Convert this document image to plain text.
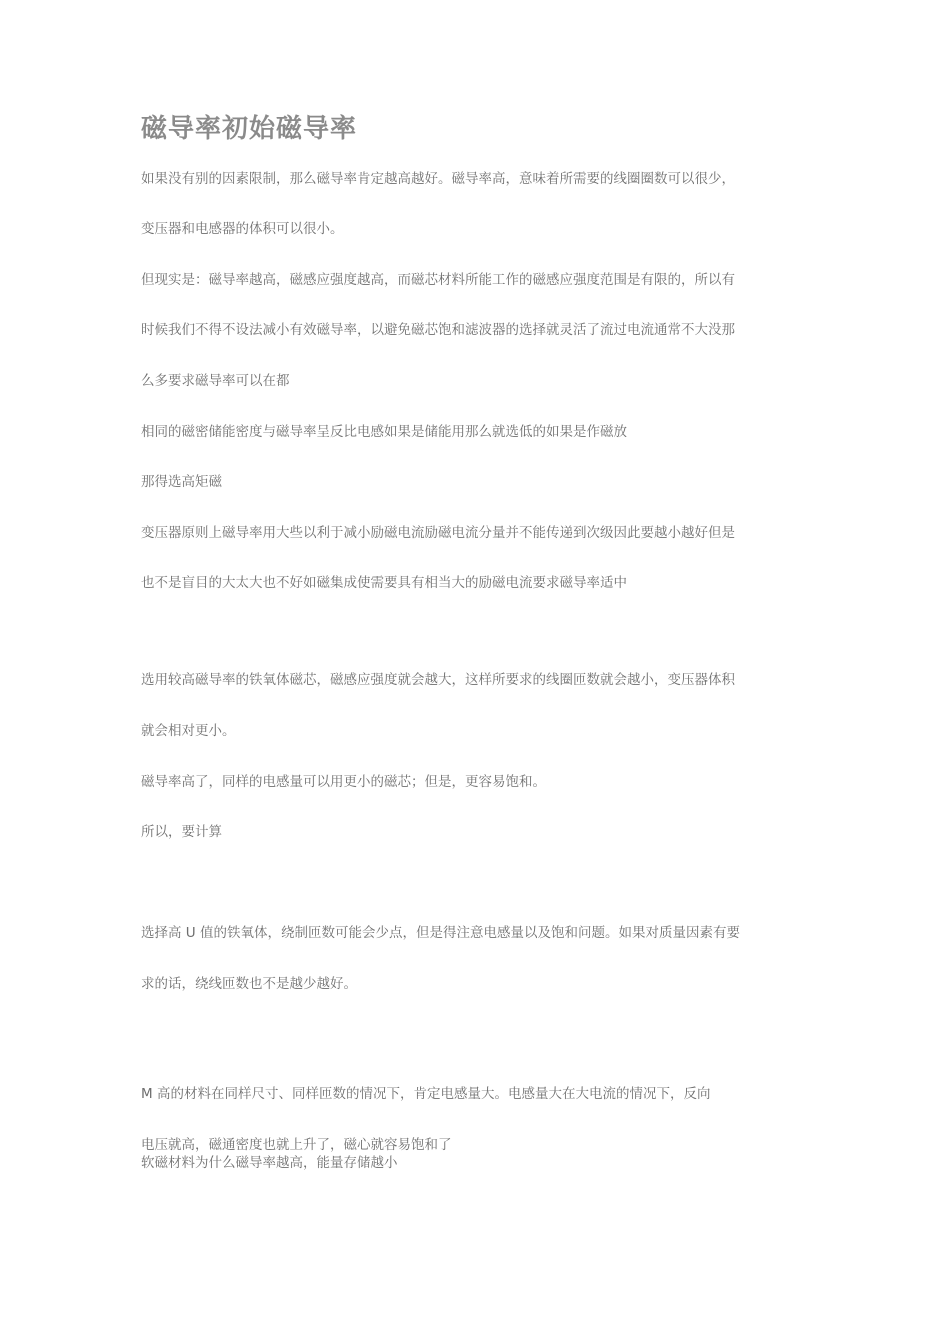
磁导率初始磁导率
如果没有别的因素限制，那么磁导率肯定越高越好。磁导率高，意味着所需要的线圈圈数可以很少，
变压器和电感器的体积可以很小。
但现实是：磁导率越高，磁感应强度越高，而磁芯材料所能工作的磁感应强度范围是有限的，所以有
时候我们不得不设法减小有效磁导率，以避免磁芯饱和滤波器的选择就灵活了流过电流通常不大没那
么多要求磁导率可以在都
相同的磁密储能密度与磁导率呈反比电感如果是储能用那么就选低的如果是作磁放
那得选高矩磁
变压器原则上磁导率用大些以利于减小励磁电流励磁电流分量并不能传递到次级因此要越小越好但是
也不是盲目的大太大也不好如磁集成使需要具有相当大的励磁电流要求磁导率适中
选用较高磁导率的铁氧体磁芯，磁感应强度就会越大，这样所要求的线圈匝数就会越小，变压器体积
就会相对更小。
磁导率高了，同样的电感量可以用更小的磁芯；但是，更容易饱和。
所以，要计算
选择高 U 值的铁氧体，绕制匝数可能会少点，但是得注意电感量以及饱和问题。如果对质量因素有要
求的话，绕线匝数也不是越少越好。
M 高的材料在同样尺寸、同样匝数的情况下，肯定电感量大。电感量大在大电流的情况下，反向
电压就高，磁通密度也就上升了，磁心就容易饱和了
软磁材料为什么磁导率越高，能量存储越小
